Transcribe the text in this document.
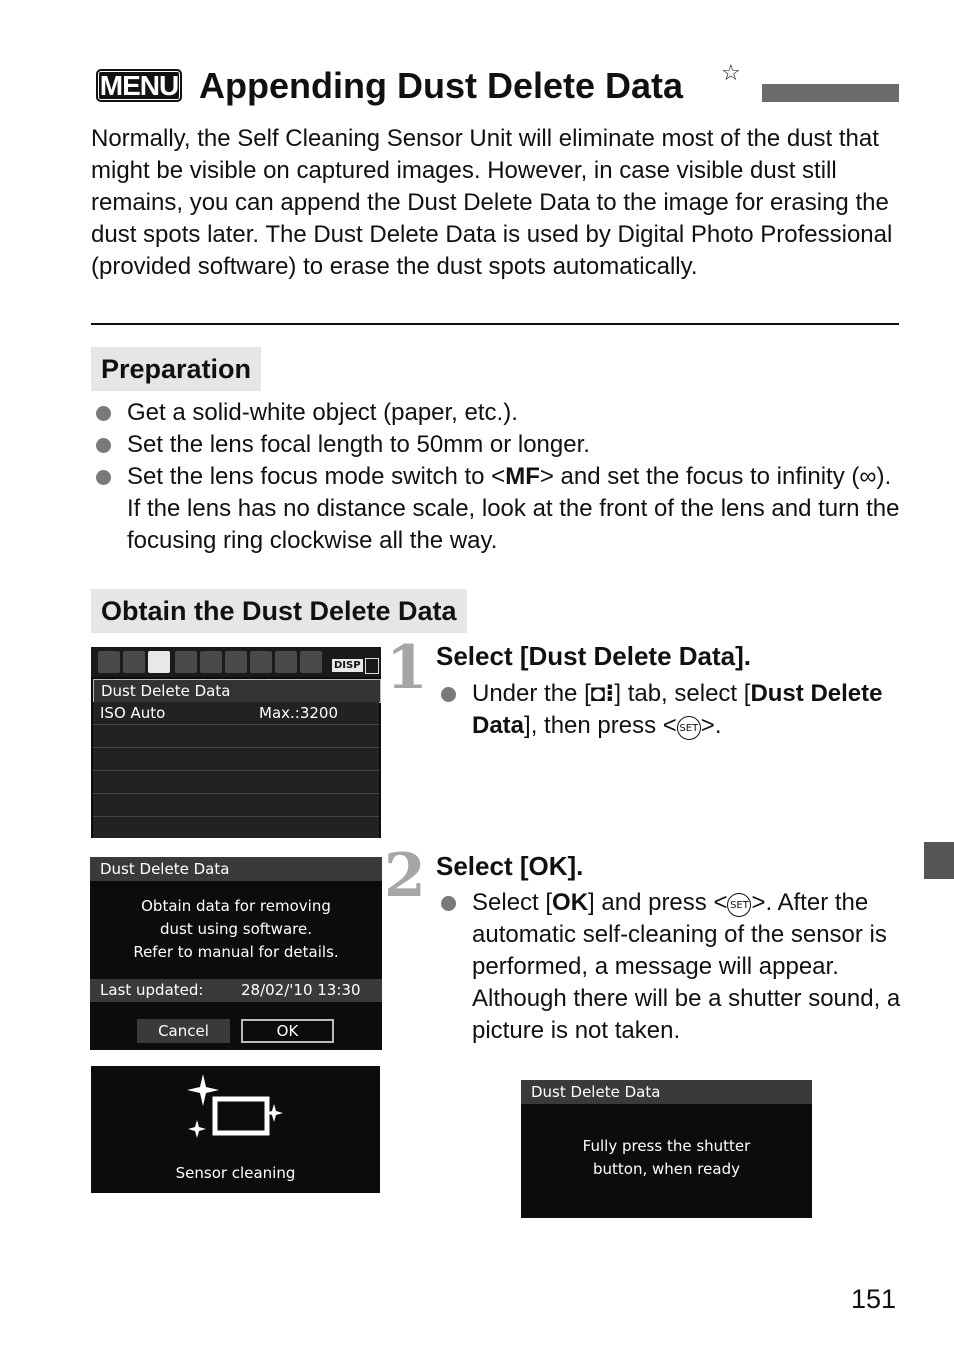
MENU Appending Dust Delete Data ☆
Normally, the Self Cleaning Sensor Unit will eliminate most of the dust that might be visible on captured images. However, in case visible dust still remains, you can append the Dust Delete Data to the image for erasing the dust spots later. The Dust Delete Data is used by Digital Photo Professional (provided software) to erase the dust spots automatically.
Preparation
Get a solid-white object (paper, etc.).
Set the lens focal length to 50mm or longer.
Set the lens focus mode switch to <MF> and set the focus to infinity (∞). If the lens has no distance scale, look at the front of the lens and turn the focusing ring clockwise all the way.
Obtain the Dust Delete Data
DISP
Dust Delete Data
ISO Auto	Max.:3200
Dust Delete Data
Obtain data for removing
dust using software.
Refer to manual for details.
Last updated:	28/02/'10 13:30
Cancel	OK
Sensor cleaning
Dust Delete Data
Fully press the shutter
button, when ready
1 Select [Dust Delete Data].
Under the [◘⁝] tab, select [Dust Delete Data], then press < SET >.
2 Select [OK].
Select [OK] and press < SET >. After the automatic self-cleaning of the sensor is performed, a message will appear. Although there will be a shutter sound, a picture is not taken.
151
